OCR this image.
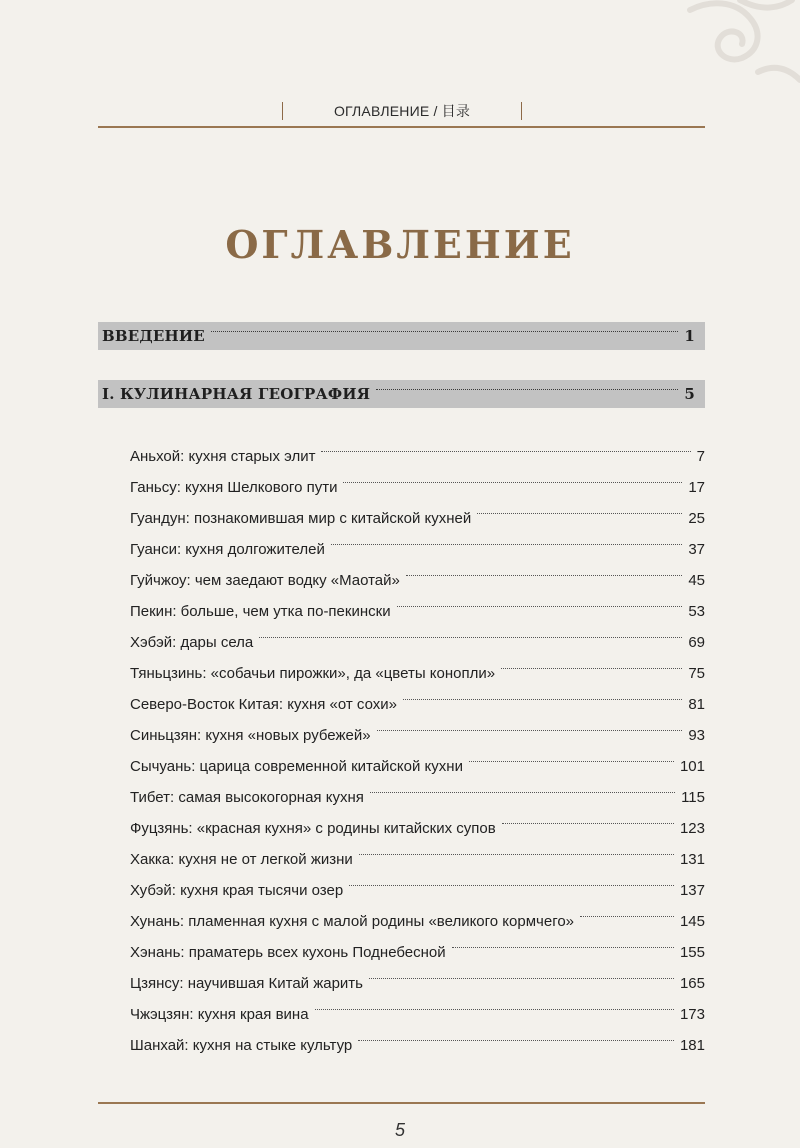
ОГЛАВЛЕНИЕ / 目录
ОГЛАВЛЕНИЕ
ВВЕДЕНИЕ	1
I. КУЛИНАРНАЯ ГЕОГРАФИЯ	5
Аньхой: кухня старых элит	7
Ганьсу: кухня Шелкового пути	17
Гуандун: познакомившая мир с китайской кухней	25
Гуанси: кухня долгожителей	37
Гуйчжоу: чем заедают водку «Маотай»	45
Пекин: больше, чем утка по-пекински	53
Хэбэй: дары села	69
Тяньцзинь: «собачьи пирожки», да «цветы конопли»	75
Северо-Восток Китая: кухня «от сохи»	81
Синьцзян: кухня «новых рубежей»	93
Сычуань: царица современной китайской кухни	101
Тибет: самая высокогорная кухня	115
Фуцзянь: «красная кухня» с родины китайских супов	123
Хакка: кухня не от легкой жизни	131
Хубэй: кухня края тысячи озер	137
Хунань: пламенная кухня с малой родины «великого кормчего»	145
Хэнань: праматерь всех кухонь Поднебесной	155
Цзянсу: научившая Китай жарить	165
Чжэцзян: кухня края вина	173
Шанхай: кухня на стыке культур	181
5
